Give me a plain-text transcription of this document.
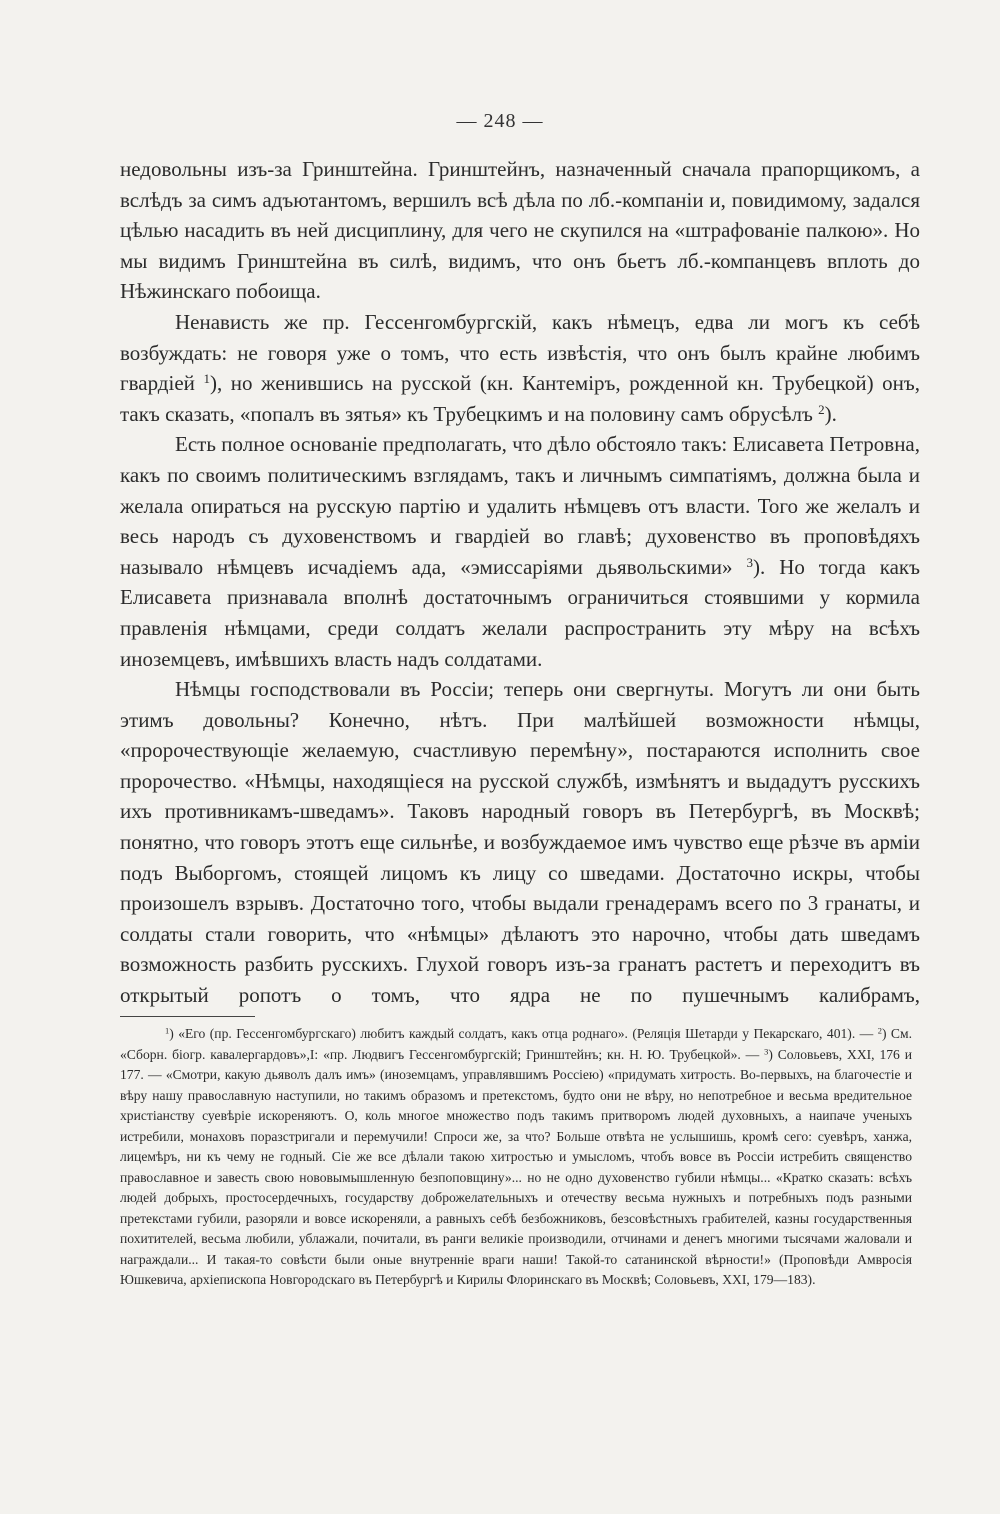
— 248 —

недовольны изъ-за Гринштейна. Гринштейнъ, назначенный сначала прапорщикомъ, а вслѣдъ за симъ адъютантомъ, вершилъ всѣ дѣла по лб.-компаніи и, повидимому, задался цѣлью насадить въ ней дисциплину, для чего не скупился на «штрафованіе палкою». Но мы видимъ Гринштейна въ силѣ, видимъ, что онъ бьетъ лб.-компанцевъ вплоть до Нѣжинскаго побоища.

Ненависть же пр. Гессенгомбургскій, какъ нѣмецъ, едва ли могъ къ себѣ возбуждать: не говоря уже о томъ, что есть извѣстія, что онъ былъ крайне любимъ гвардіей $^1$), но женившись на русской (кн. Кантеміръ, рожденной кн. Трубецкой) онъ, такъ сказать, «попалъ въ зятья» къ Трубецкимъ и на половину самъ обрусѣлъ $^2$).

Есть полное основаніе предполагать, что дѣло обстояло такъ: Елисавета Петровна, какъ по своимъ политическимъ взглядамъ, такъ и личнымъ симпатіямъ, должна была и желала опираться на русскую партію и удалить нѣмцевъ отъ власти. Того же желалъ и весь народъ съ духовенствомъ и гвардіей во главѣ; духовенство въ проповѣдяхъ называло нѣмцевъ исчадіемъ ада, «эмиссаріями дьявольскими» $^3$). Но тогда какъ Елисавета признавала вполнѣ достаточнымъ ограничиться стоявшими у кормила правленія нѣмцами, среди солдатъ желали распространить эту мѣру на всѣхъ иноземцевъ, имѣвшихъ власть надъ солдатами.

Нѣмцы господствовали въ Россіи; теперь они свергнуты. Могутъ ли они быть этимъ довольны? Конечно, нѣтъ. При малѣйшей возможности нѣмцы, «пророчествующіе желаемую, счастливую перемѣну», постараются исполнить свое пророчество. «Нѣмцы, находящіеся на русской службѣ, измѣнятъ и выдадутъ русскихъ ихъ противникамъ-шведамъ». Таковъ народный говоръ въ Петербургѣ, въ Москвѣ; понятно, что говоръ этотъ еще сильнѣе, и возбуждаемое имъ чувство еще рѣзче въ арміи подъ Выборгомъ, стоящей лицомъ къ лицу со шведами. Достаточно искры, чтобы произошелъ взрывъ. Достаточно того, чтобы выдали гренадерамъ всего по 3 гранаты, и солдаты стали говорить, что «нѣмцы» дѣлаютъ это нарочно, чтобы дать шведамъ возможность разбить русскихъ. Глухой говоръ изъ-за гранатъ растетъ и переходитъ въ открытый ропотъ о томъ, что ядра не по пушечнымъ калибрамъ,

$^1$) «Его (пр. Гессенгомбургскаго) любитъ каждый солдатъ, какъ отца роднаго». (Реляція Шетарди у Пекарскаго, 401). — $^2$) См. «Сборн. біогр. кавалергардовъ»,I: «пр. Людвигъ Гессенгомбургскій; Гринштейнъ; кн. Н. Ю. Трубецкой». — $^3$) Соловьевъ, XXI, 176 и 177. — «Смотри, какую дьяволъ далъ имъ» (иноземцамъ, управлявшимъ Россіею) «придумать хитрость. Во-первыхъ, на благочестіе и вѣру нашу православную наступили, но такимъ образомъ и претекстомъ, будто они не вѣру, но непотребное и весьма вредительное христіанству суевѣріе искореняютъ. О, коль многое множество подъ такимъ притворомъ людей духовныхъ, а наипаче ученыхъ истребили, монаховъ поразстригали и перемучили! Спроси же, за что? Больше отвѣта не услышишь, кромѣ сего: суевѣръ, ханжа, лицемѣръ, ни къ чему не годный. Сіе же все дѣлали такою хитростью и умысломъ, чтобъ вовсе въ Россіи истребить священство православное и завесть свою нововымышленную безпоповщину»... но не одно духовенство губили нѣмцы... «Кратко сказать: всѣхъ людей добрыхъ, простосердечныхъ, государству доброжелательныхъ и отечеству весьма нужныхъ и потребныхъ подъ разными претекстами губили, разоряли и вовсе искореняли, а равныхъ себѣ безбожниковъ, безсовѣстныхъ грабителей, казны государственныя похитителей, весьма любили, ублажали, почитали, въ ранги великіе производили, отчинами и денегъ многими тысячами жаловали и награждали... И такая-то совѣсти были оные внутренніе враги наши! Такой-то сатанинской вѣрности!» (Проповѣди Амвросія Юшкевича, архіепископа Новгородскаго въ Петербургѣ и Кирилы Флоринскаго въ Москвѣ; Соловьевъ, XXI, 179—183).
